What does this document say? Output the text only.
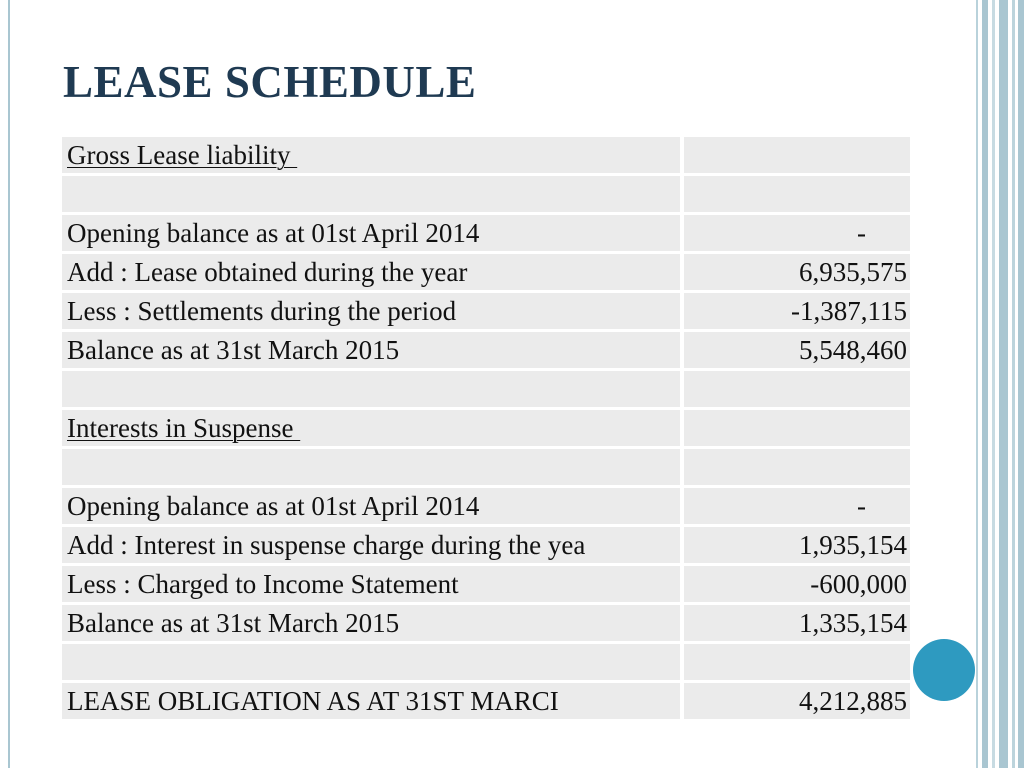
LEASE SCHEDULE
Gross Lease liability
Opening balance as at 01st April 2014	-
Add : Lease obtained during the year	6,935,575
Less : Settlements during the period	-1,387,115
Balance as at 31st March 2015	5,548,460
Interests in Suspense
Opening balance as at 01st April 2014	-
Add : Interest in suspense charge during the yea	1,935,154
Less : Charged to Income Statement	-600,000
Balance as at 31st March 2015	1,335,154
LEASE OBLIGATION AS AT 31ST MARCI	4,212,885
